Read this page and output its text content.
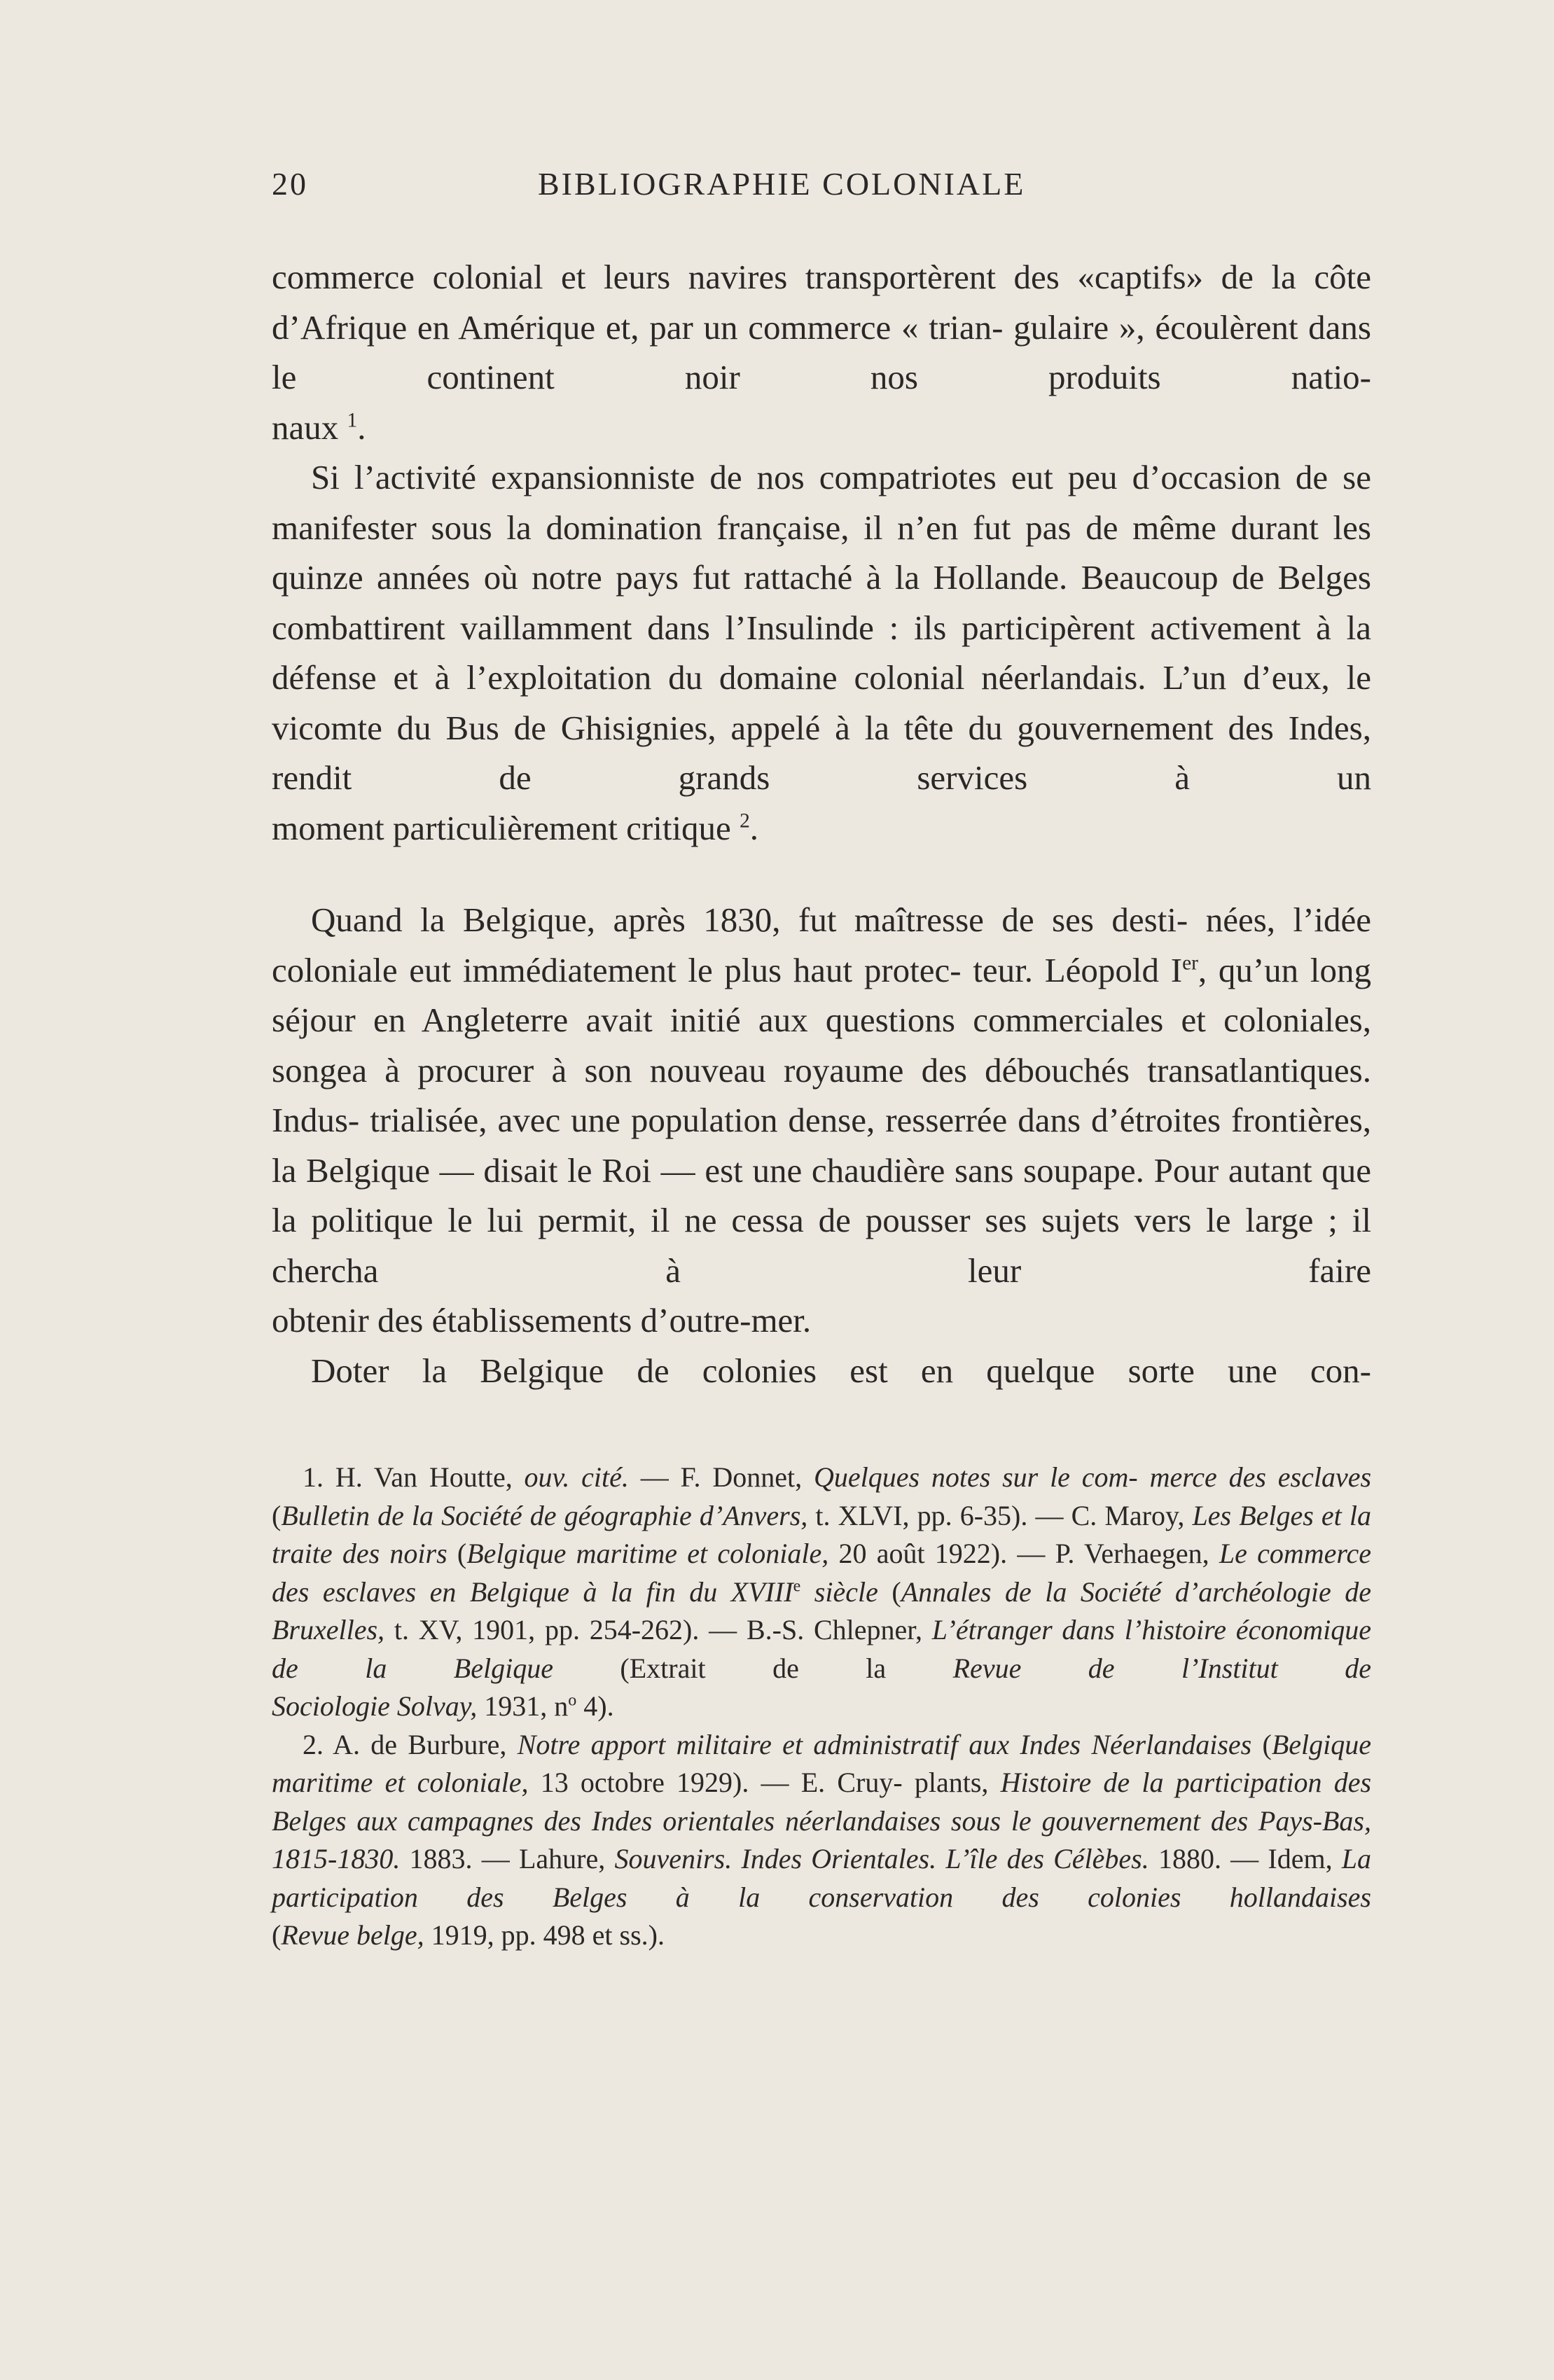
20	BIBLIOGRAPHIE COLONIALE

commerce colonial et leurs navires transportèrent des «captifs» de la côte d’Afrique en Amérique et, par un commerce « trian- gulaire », écoulèrent dans le continent noir nos produits natio-

naux $^1$.

Si l’activité expansionniste de nos compatriotes eut peu d’occasion de se manifester sous la domination française, il n’en fut pas de même durant les quinze années où notre pays fut rattaché à la Hollande. Beaucoup de Belges combattirent vaillamment dans l’Insulinde : ils participèrent activement à la défense et à l’exploitation du domaine colonial néerlandais. L’un d’eux, le vicomte du Bus de Ghisignies, appelé à la tête du gouvernement des Indes, rendit de grands services à un

moment particulièrement critique $^2$.

Quand la Belgique, après 1830, fut maîtresse de ses desti- nées, l’idée coloniale eut immédiatement le plus haut protec- teur. Léopold Ier, qu’un long séjour en Angleterre avait initié aux questions commerciales et coloniales, songea à procurer à son nouveau royaume des débouchés transatlantiques. Indus- trialisée, avec une population dense, resserrée dans d’étroites frontières, la Belgique — disait le Roi — est une chaudière sans soupape. Pour autant que la politique le lui permit, il ne cessa de pousser ses sujets vers le large ; il chercha à leur faire

obtenir des établissements d’outre-mer.

Doter la Belgique de colonies est en quelque sorte une con-

1. H. Van Houtte, ouv. cité. — F. Donnet, Quelques notes sur le com- merce des esclaves (Bulletin de la Société de géographie d’Anvers, t. XLVI, pp. 6-35). — C. Maroy, Les Belges et la traite des noirs (Belgique maritime et coloniale, 20 août 1922). — P. Verhaegen, Le commerce des esclaves en Belgique à la fin du XVIIIe siècle (Annales de la Société d’archéologie de Bruxelles, t. XV, 1901, pp. 254-262). — B.-S. Chlepner, L’étranger dans l’histoire économique de la Belgique (Extrait de la Revue de l’Institut de

Sociologie Solvay, 1931, $n^o$ 4).

2. A. de Burbure, Notre apport militaire et administratif aux Indes Néerlandaises (Belgique maritime et coloniale, 13 octobre 1929). — E. Cruy- plants, Histoire de la participation des Belges aux campagnes des Indes orientales néerlandaises sous le gouvernement des Pays-Bas, 1815-1830. 1883. — Lahure, Souvenirs. Indes Orientales. L’île des Célèbes. 1880. — Idem, La participation des Belges à la conservation des colonies hollandaises

(Revue belge, 1919, pp. 498 et ss.).
